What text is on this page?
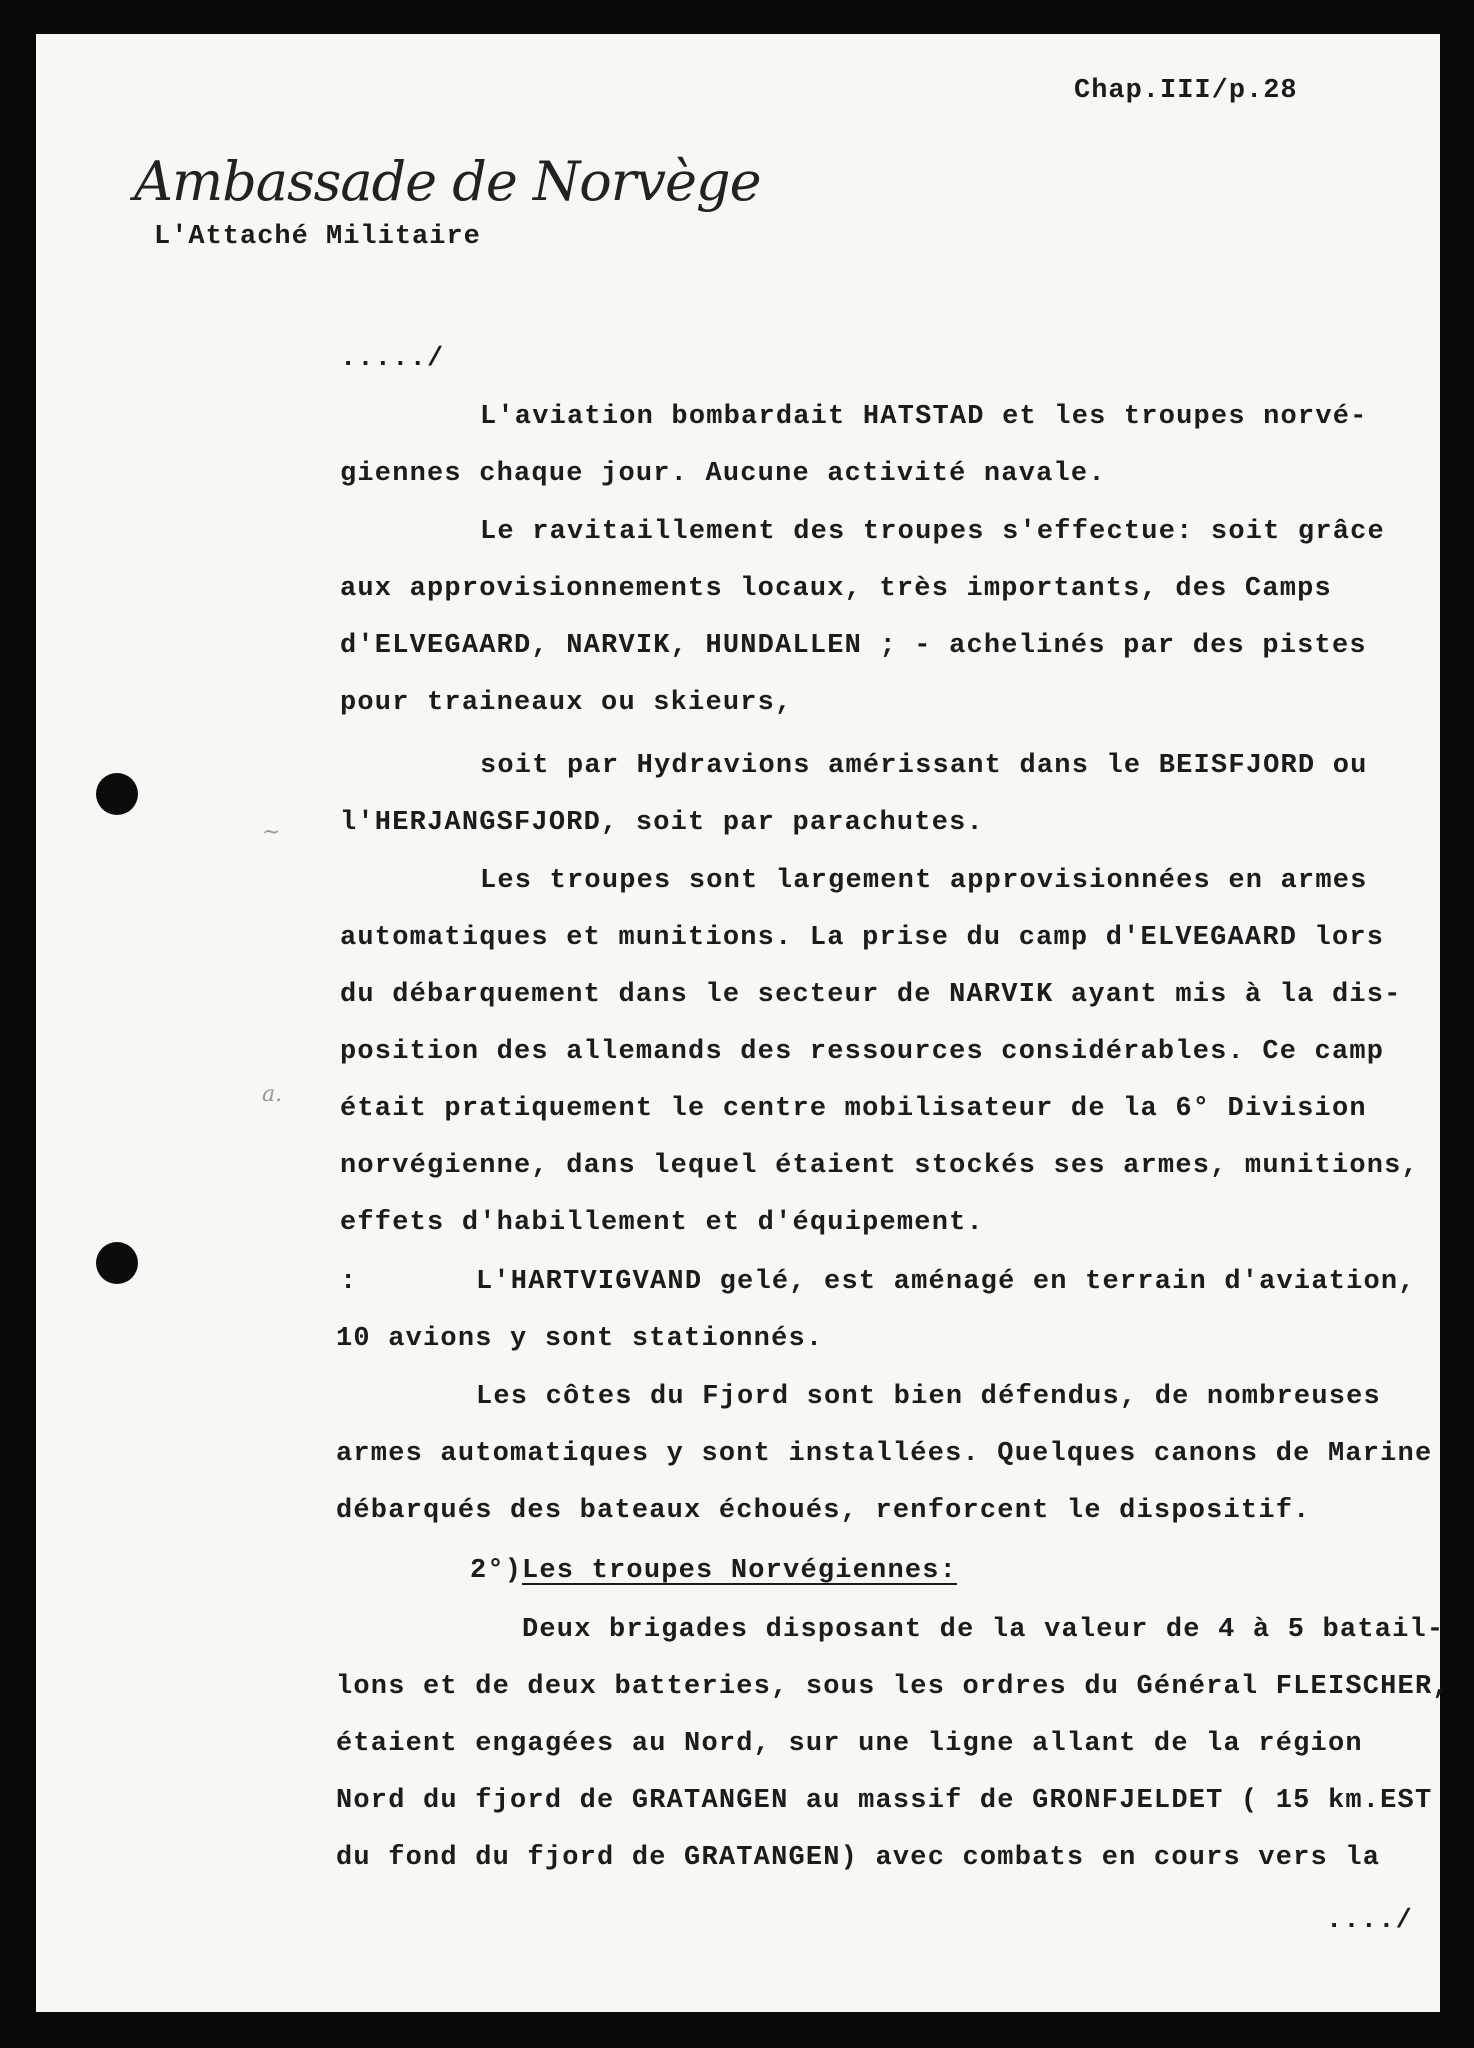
Chap.III/p.28
Ambassade de Norvège
L'Attaché Militaire
...../
L'aviation bombardait HATSTAD et les troupes norvé-
giennes chaque jour. Aucune activité navale.
Le ravitaillement des troupes s'effectue: soit grâce
aux approvisionnements locaux, très importants, des Camps
d'ELVEGAARD, NARVIK, HUNDALLEN ; - achelinés par des pistes
pour traineaux ou skieurs,
soit par Hydravions amérissant dans le BEISFJORD ou
l'HERJANGSFJORD, soit par parachutes.
Les troupes sont largement approvisionnées en armes
automatiques et munitions. La prise du camp d'ELVEGAARD lors
du débarquement dans le secteur de NARVIK ayant mis à la dis-
position des allemands des ressources considérables. Ce camp
était pratiquement le centre mobilisateur de la 6° Division
norvégienne, dans lequel étaient stockés ses armes, munitions,
effets d'habillement et d'équipement.
:	L'HARTVIGVAND gelé, est aménagé en terrain d'aviation,
10 avions y sont stationnés.
Les côtes du Fjord sont bien défendus, de nombreuses
armes automatiques y sont installées. Quelques canons de Marine
débarqués des bateaux échoués, renforcent le dispositif.
2°) Les troupes Norvégiennes:
Deux brigades disposant de la valeur de 4 à 5 batail-
lons et de deux batteries, sous les ordres du Général FLEISCHER,
étaient engagées au Nord, sur une ligne allant de la région
Nord du fjord de GRATANGEN au massif de GRONFJELDET ( 15 km.EST
du fond du fjord de GRATANGEN) avec combats en cours vers la
..../
~
a.
